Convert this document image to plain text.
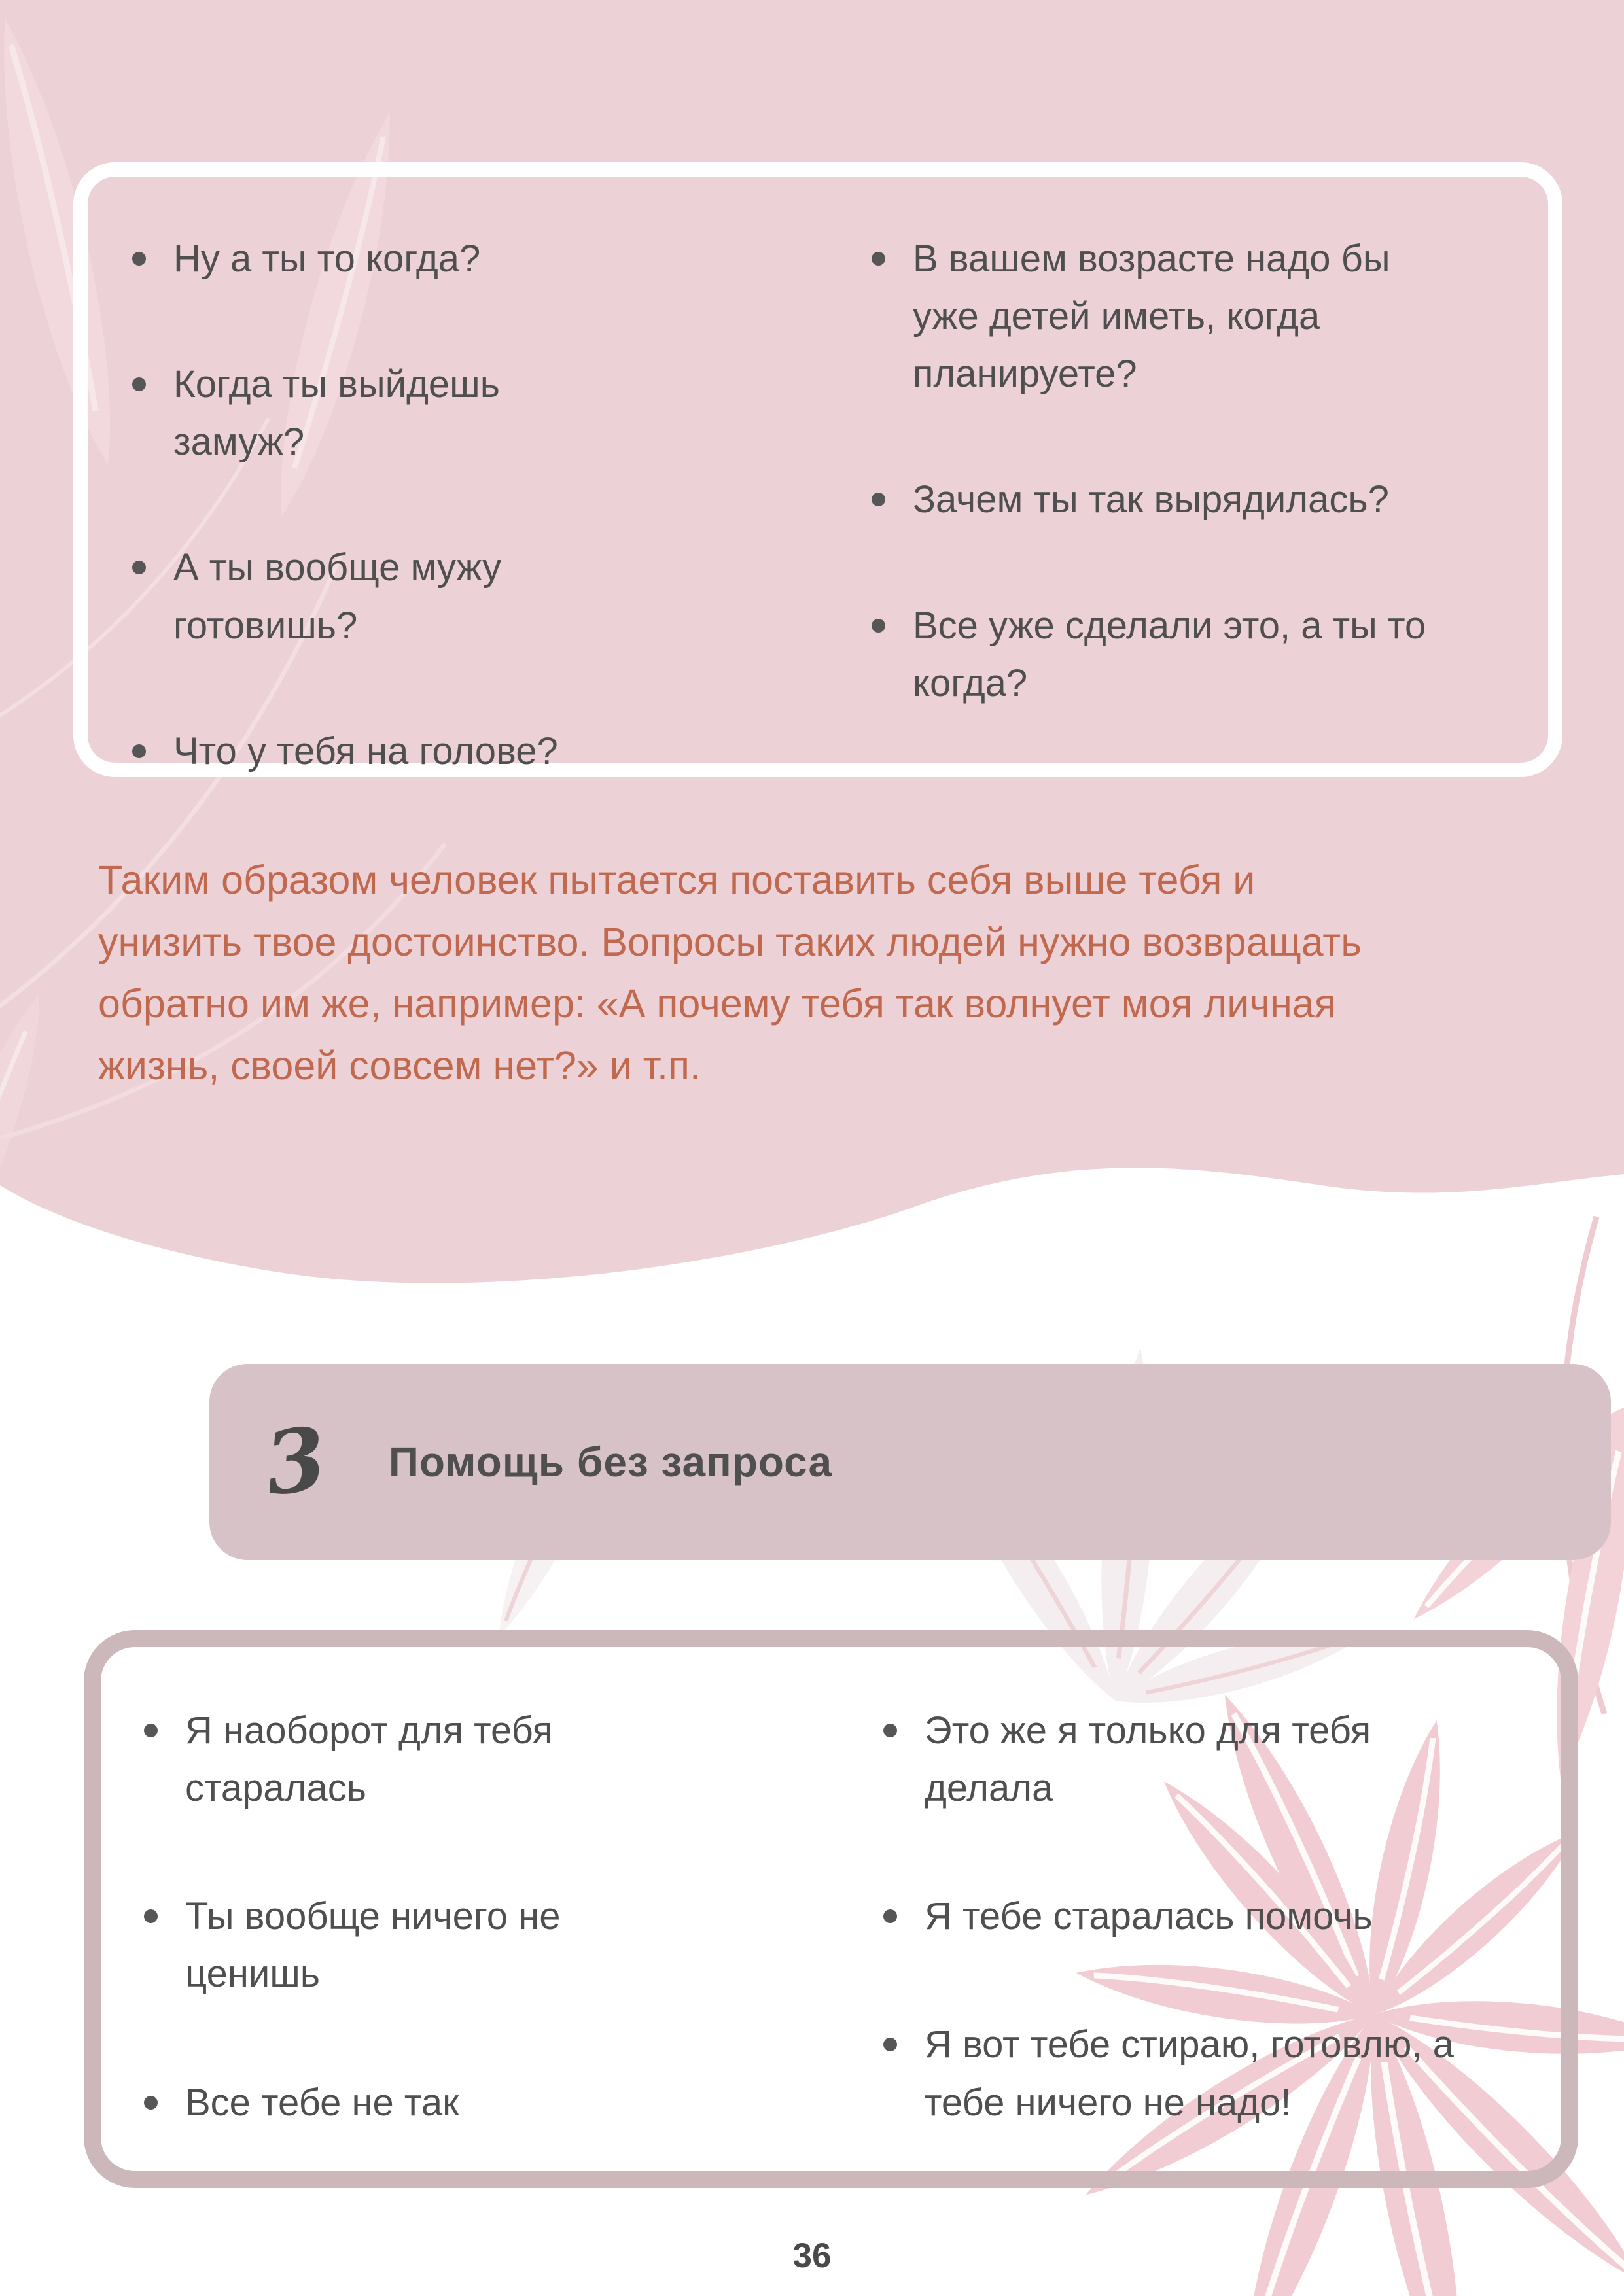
Ну а ты то когда?
Когда ты выйдешь замуж?
А ты вообще мужу готовишь?
Что у тебя на голове?
В вашем возрасте надо бы уже детей иметь, когда планируете?
Зачем ты так вырядилась?
Все уже сделали это, а ты то когда?
Таким образом человек пытается поставить себя выше тебя и унизить твое достоинство. Вопросы таких людей нужно возвращать обратно им же, например: «А почему тебя так волнует моя личная жизнь, своей совсем нет?» и т.п.
3 Помощь без запроса
Я наоборот для тебя старалась
Ты вообще ничего не ценишь
Все тебе не так
Это же я только для тебя делала
Я тебе старалась помочь
Я вот тебе стираю, готовлю, а тебе ничего не надо!
36
